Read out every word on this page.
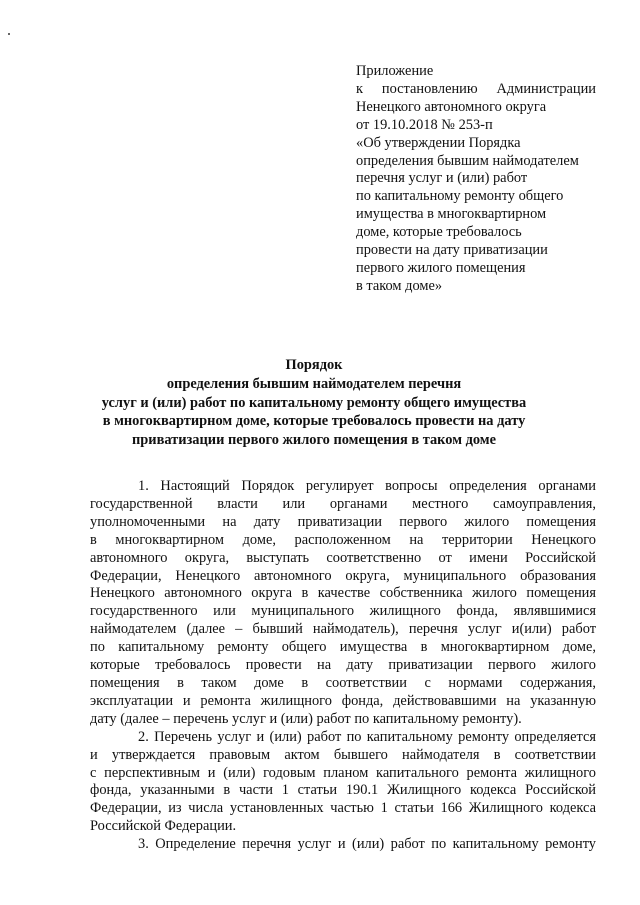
Приложение
к постановлению Администрации
Ненецкого автономного округа
от 19.10.2018 № 253-п
«Об утверждении Порядка
определения бывшим наймодателем
перечня услуг и (или) работ
по капитальному ремонту общего
имущества в многоквартирном
доме, которые требовалось
провести на дату приватизации
первого жилого помещения
в таком доме»
Порядок
определения бывшим наймодателем перечня
услуг и (или) работ по капитальному ремонту общего имущества
в многоквартирном доме, которые требовалось провести на дату
приватизации первого жилого помещения в таком доме
1. Настоящий Порядок регулирует вопросы определения органами
государственной власти или органами местного самоуправления,
уполномоченными на дату приватизации первого жилого помещения
в многоквартирном доме, расположенном на территории Ненецкого
автономного округа, выступать соответственно от имени Российской
Федерации, Ненецкого автономного округа, муниципального образования
Ненецкого автономного округа в качестве собственника жилого помещения
государственного или муниципального жилищного фонда, являвшимися
наймодателем (далее – бывший наймодатель), перечня услуг и(или) работ
по капитальному ремонту общего имущества в многоквартирном доме,
которые требовалось провести на дату приватизации первого жилого
помещения в таком доме в соответствии с нормами содержания,
эксплуатации и ремонта жилищного фонда, действовавшими на указанную
дату (далее – перечень услуг и (или) работ по капитальному ремонту).
2. Перечень услуг и (или) работ по капитальному ремонту определяется
и утверждается правовым актом бывшего наймодателя в соответствии
с перспективным и (или) годовым планом капитального ремонта жилищного
фонда, указанными в части 1 статьи 190.1 Жилищного кодекса Российской
Федерации, из числа установленных частью 1 статьи 166 Жилищного кодекса
Российской Федерации.
3. Определение перечня услуг и (или) работ по капитальному ремонту
